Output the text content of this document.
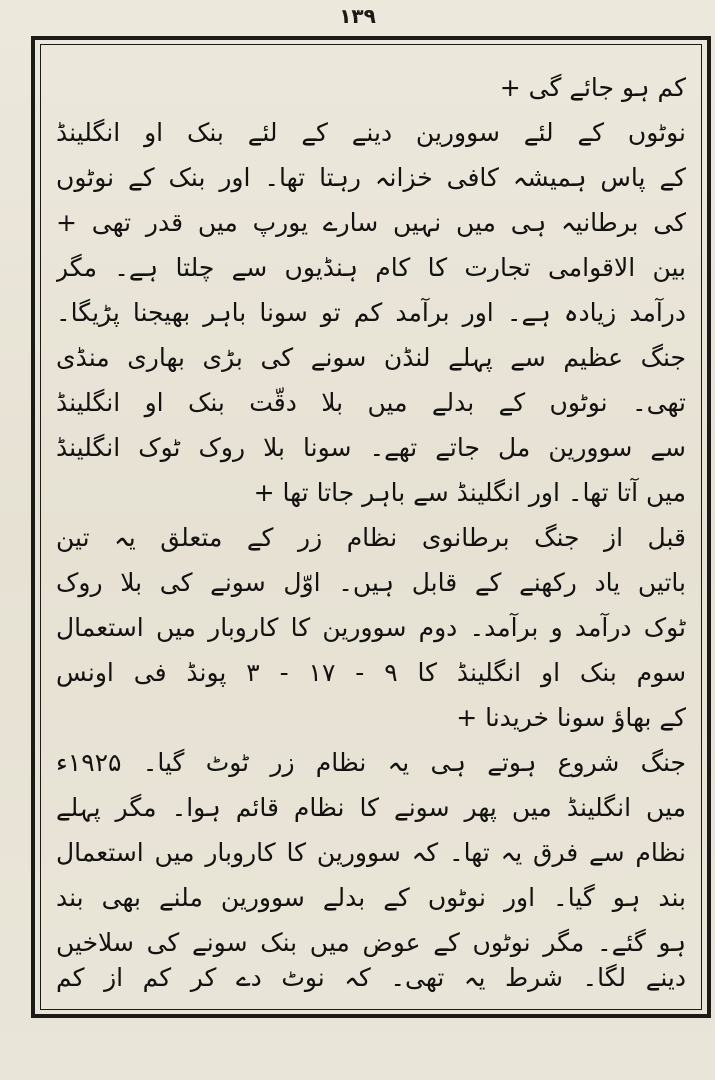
۱۳۹
کم ہو جائے گی +
نوٹوں کے لئے سوورین دینے کے لئے بنک او انگلینڈ
کے پاس ہمیشہ کافی خزانہ رہتا تھا۔ اور بنک کے نوٹوں
کی برطانیہ ہی میں نہیں سارے یورپ میں قدر تھی +
بین الاقوامی تجارت کا کام ہنڈیوں سے چلتا ہے۔ مگر
درآمد زیادہ ہے۔ اور برآمد کم تو سونا باہر بھیجنا پڑیگا۔
جنگ عظیم سے پہلے لنڈن سونے کی بڑی بھاری منڈی
تھی۔ نوٹوں کے بدلے میں بلا دقّت بنک او انگلینڈ
سے سوورین مل جاتے تھے۔ سونا بلا روک ٹوک انگلینڈ
میں آتا تھا۔ اور انگلینڈ سے باہر جاتا تھا +
قبل از جنگ برطانوی نظام زر کے متعلق یہ تین
باتیں یاد رکھنے کے قابل ہیں۔ اوّل سونے کی بلا روک
ٹوک درآمد و برآمد۔ دوم سوورین کا کاروبار میں استعمال
سوم بنک او انگلینڈ کا ۹ - ۱۷ - ۳ پونڈ فی اونس
کے بھاؤ سونا خریدنا +
جنگ شروع ہوتے ہی یہ نظام زر ٹوٹ گیا۔ ۱۹۲۵ء
میں انگلینڈ میں پھر سونے کا نظام قائم ہوا۔ مگر پہلے
نظام سے فرق یہ تھا۔ کہ سوورین کا کاروبار میں استعمال
بند ہو گیا۔ اور نوٹوں کے بدلے سوورین ملنے بھی بند
ہو گئے۔ مگر نوٹوں کے عوض میں بنک سونے کی سلاخیں
دینے لگا۔ شرط یہ تھی۔ کہ نوٹ دے کر کم از کم
